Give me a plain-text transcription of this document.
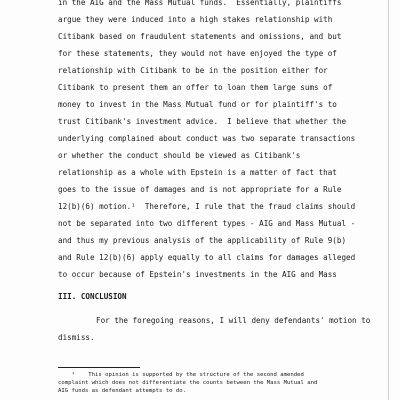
in the AIG and the Mass Mutual funds.  Essentially, plaintiffs
argue they were induced into a high stakes relationship with
Citibank based on fraudulent statements and omissions, and but
for these statements, they would not have enjoyed the type of
relationship with Citibank to be in the position either for
Citibank to present them an offer to loan them large sums of
money to invest in the Mass Mutual fund or for plaintiff's to
trust Citibank's investment advice.  I believe that whether the
underlying complained about conduct was two separate transactions
or whether the conduct should be viewed as Citibank's
relationship as a whole with Epstein is a matter of fact that
goes to the issue of damages and is not appropriate for a Rule
12(b)(6) motion.¹  Therefore, I rule that the fraud claims should
not be separated into two different types - AIG and Mass Mutual -
and thus my previous analysis of the applicability of Rule 9(b)
and Rule 12(b)(6) apply equally to all claims for damages alleged
to occur because of Epstein's investments in the AIG and Mass
III. CONCLUSION
For the foregoing reasons, I will deny defendants' motion to
dismiss.
¹    This opinion is supported by the structure of the second amended
complaint which does not differentiate the counts between the Mass Mutual and
AIG funds as defendant attempts to do.
